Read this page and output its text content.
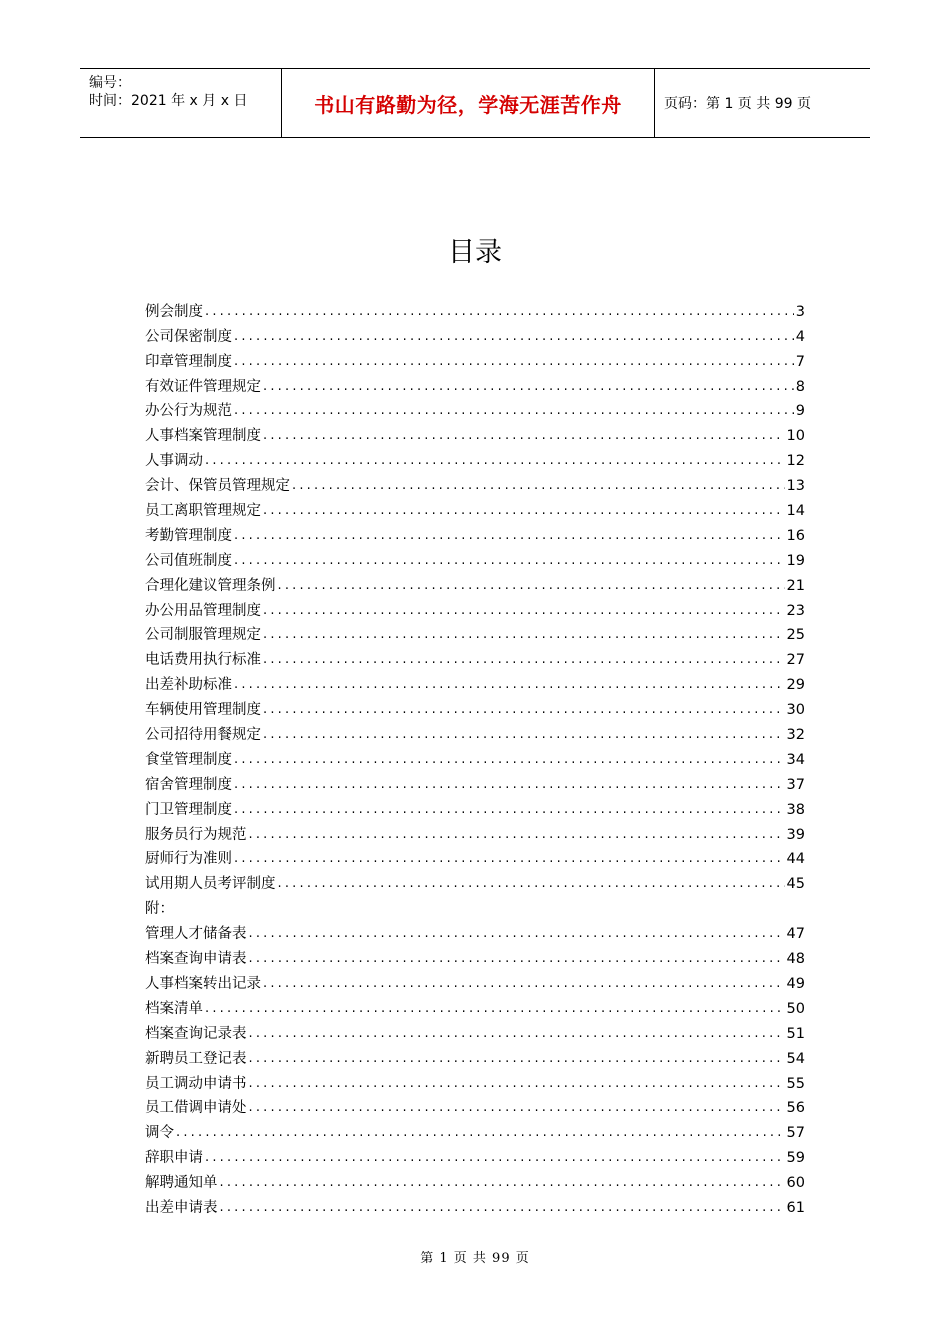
编号：
时间：2021 年 x 月 x 日	书山有路勤为径，学海无涯苦作舟	页码：第 1 页 共 99 页
目录
例会制度 .....	3
公司保密制度 .....	4
印章管理制度 .....	7
有效证件管理规定 .....	8
办公行为规范 .....	9
人事档案管理制度 .....	10
人事调动 .....	12
会计、保管员管理规定 .....	13
员工离职管理规定 .....	14
考勤管理制度 .....	16
公司值班制度 .....	19
合理化建议管理条例 .....	21
办公用品管理制度 .....	23
公司制服管理规定 .....	25
电话费用执行标准 .....	27
出差补助标准 .....	29
车辆使用管理制度 .....	30
公司招待用餐规定 .....	32
食堂管理制度 .....	34
宿舍管理制度 .....	37
门卫管理制度 .....	38
服务员行为规范 .....	39
厨师行为准则 .....	44
试用期人员考评制度 .....	45
附：
管理人才储备表 .....	47
档案查询申请表 .....	48
人事档案转出记录 .....	49
档案清单 .....	50
档案查询记录表 .....	51
新聘员工登记表 .....	54
员工调动申请书 .....	55
员工借调申请处 .....	56
调令 .....	57
辞职申请 .....	59
解聘通知单 .....	60
出差申请表 .....	61
第 1 页 共 99 页
